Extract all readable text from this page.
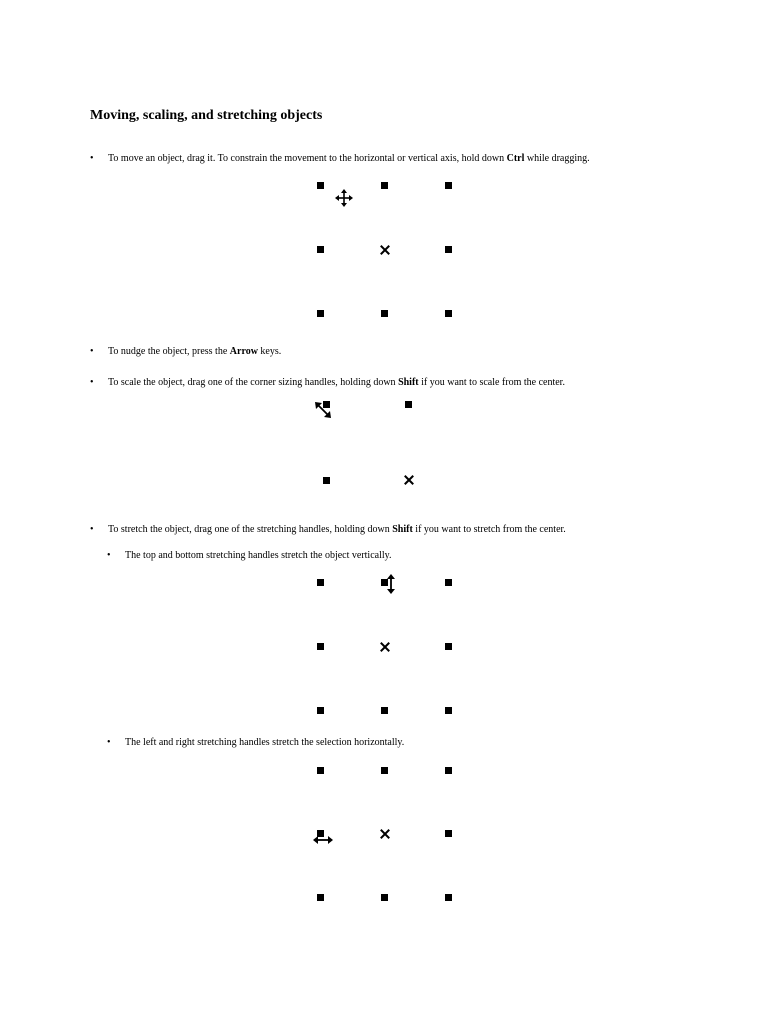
Moving, scaling, and stretching objects
• To move an object, drag it. To constrain the movement to the horizontal or vertical axis, hold down Ctrl while dragging.
• To nudge the object, press the Arrow keys.
• To scale the object, drag one of the corner sizing handles, holding down Shift if you want to scale from the center.
• To stretch the object, drag one of the stretching handles, holding down Shift if you want to stretch from the center.
• The top and bottom stretching handles stretch the object vertically.
• The left and right stretching handles stretch the selection horizontally.
